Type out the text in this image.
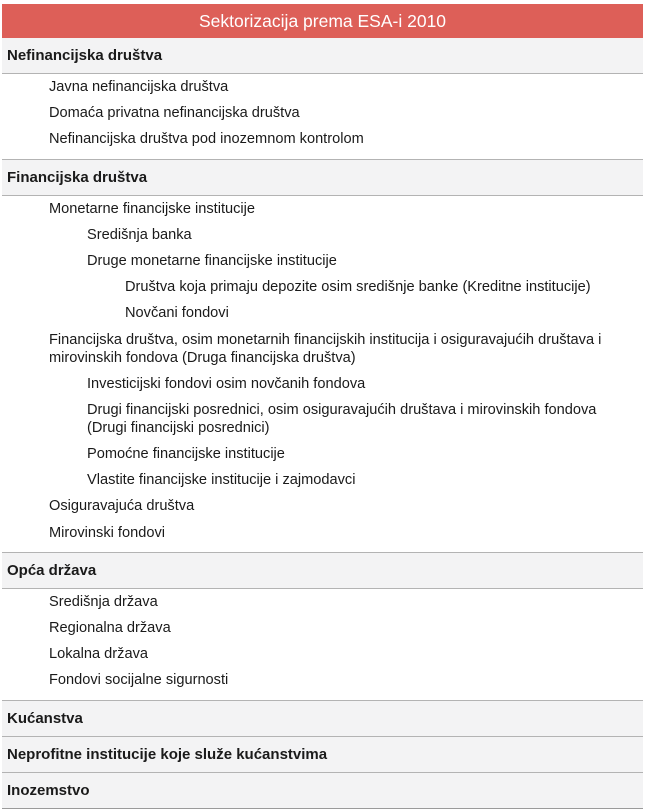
Sektorizacija prema ESA-i 2010
Nefinancijska društva
Javna nefinancijska društva
Domaća privatna nefinancijska društva
Nefinancijska društva pod inozemnom kontrolom
Financijska društva
Monetarne financijske institucije
Središnja banka
Druge monetarne financijske institucije
Društva koja primaju depozite osim središnje banke (Kreditne institucije)
Novčani fondovi
Financijska društva, osim monetarnih financijskih institucija i osiguravajućih društava i mirovinskih fondova (Druga financijska društva)
Investicijski fondovi osim novčanih fondova
Drugi financijski posrednici, osim osiguravajućih društava i mirovinskih fondova (Drugi financijski posrednici)
Pomoćne financijske institucije
Vlastite financijske institucije i zajmodavci
Osiguravajuća društva
Mirovinski fondovi
Opća država
Središnja država
Regionalna država
Lokalna država
Fondovi socijalne sigurnosti
Kućanstva
Neprofitne institucije koje služe kućanstvima
Inozemstvo
